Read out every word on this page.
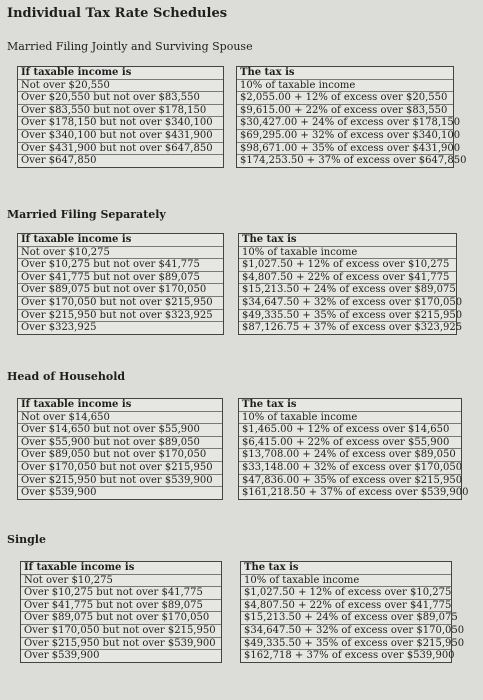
Individual Tax Rate Schedules
Married Filing Jointly and Surviving Spouse
If taxable income is
Not over $20,550
Over $20,550 but not over $83,550
Over $83,550 but not over $178,150
Over $178,150 but not over $340,100
Over $340,100 but not over $431,900
Over $431,900 but not over $647,850
Over $647,850
The tax is
10% of taxable income
$2,055.00 + 12% of excess over $20,550
$9,615.00 + 22% of excess over $83,550
$30,427.00 + 24% of excess over $178,150
$69,295.00 + 32% of excess over $340,100
$98,671.00 + 35% of excess over $431,900
$174,253.50 + 37% of excess over $647,850
Married Filing Separately
If taxable income is
Not over $10,275
Over $10,275 but not over $41,775
Over $41,775 but not over $89,075
Over $89,075 but not over $170,050
Over $170,050 but not over $215,950
Over $215,950 but not over $323,925
Over $323,925
The tax is
10% of taxable income
$1,027.50 + 12% of excess over $10,275
$4,807.50 + 22% of excess over $41,775
$15,213.50 + 24% of excess over $89,075
$34,647.50 + 32% of excess over $170,050
$49,335.50 + 35% of excess over $215,950
$87,126.75 + 37% of excess over $323,925
Head of Household
If taxable income is
Not over $14,650
Over $14,650 but not over $55,900
Over $55,900 but not over $89,050
Over $89,050 but not over $170,050
Over $170,050 but not over $215,950
Over $215,950 but not over $539,900
Over $539,900
The tax is
10% of taxable income
$1,465.00 + 12% of excess over $14,650
$6,415.00 + 22% of excess over $55,900
$13,708.00 + 24% of excess over $89,050
$33,148.00 + 32% of excess over $170,050
$47,836.00 + 35% of excess over $215,950
$161,218.50 + 37% of excess over $539,900
Single
If taxable income is
Not over $10,275
Over $10,275 but not over $41,775
Over $41,775 but not over $89,075
Over $89,075 but not over $170,050
Over $170,050 but not over $215,950
Over $215,950 but not over $539,900
Over $539,900
The tax is
10% of taxable income
$1,027.50 + 12% of excess over $10,275
$4,807.50 + 22% of excess over $41,775
$15,213.50 + 24% of excess over $89,075
$34,647.50 + 32% of excess over $170,050
$49,335.50 + 35% of excess over $215,950
$162,718 + 37% of excess over $539,900
